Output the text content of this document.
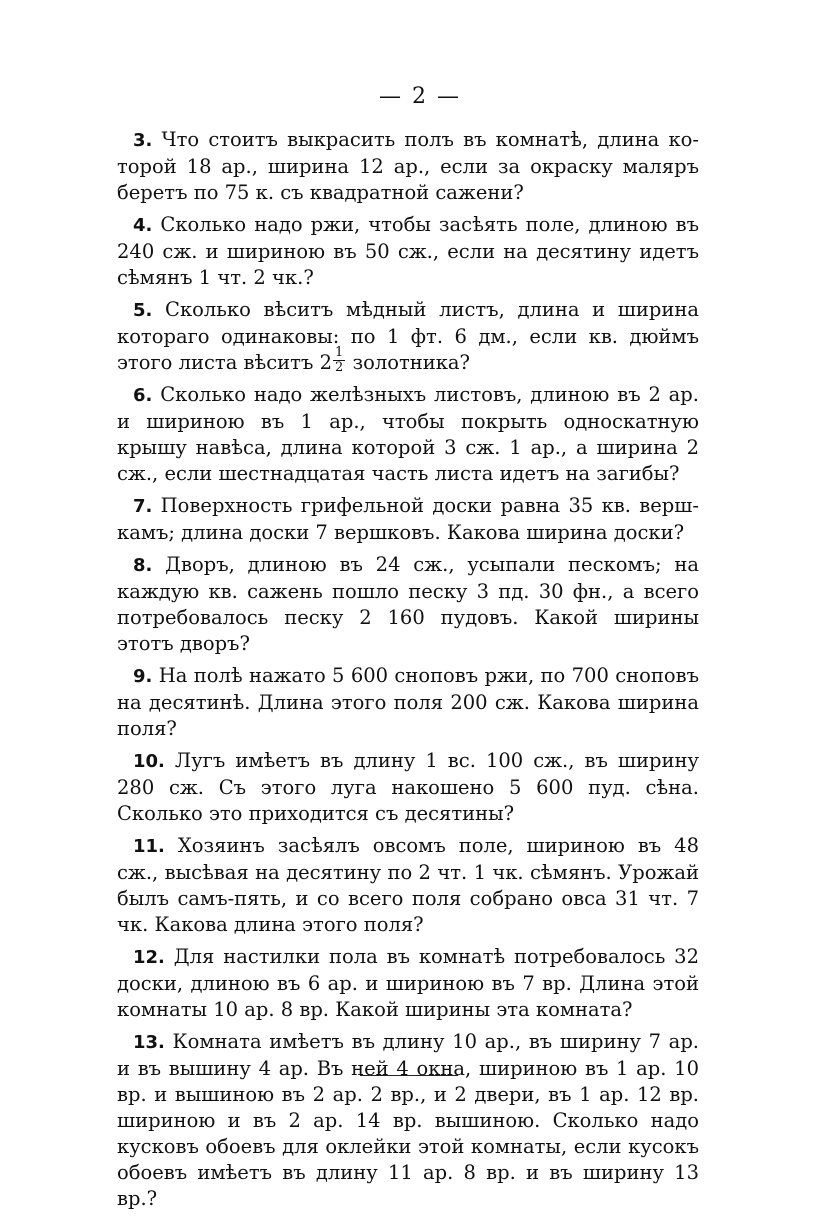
— 2 —

3. Что стоитъ выкрасить полъ въ комнатѣ, длина которой 18 ар., ширина 12 ар., если за окраску маляръ беретъ по 75 к. съ квадратной сажени?

4. Сколько надо ржи, чтобы засѣять поле, длиною въ 240 сж. и шириною въ 50 сж., если на десятину идетъ сѣмянъ 1 чт. 2 чк.?

5. Сколько вѣситъ мѣдный листъ, длина и ширина котораго одинаковы: по 1 фт. 6 дм., если кв. дюймъ этого листа вѣситъ $2 \frac{1}{2}$ золотника?

6. Сколько надо желѣзныхъ листовъ, длиною въ 2 ар. и шириною въ 1 ар., чтобы покрыть односкатную крышу навѣса, длина которой 3 сж. 1 ар., а ширина 2 сж., если шестнадцатая часть листа идетъ на загибы?

7. Поверхность грифельной доски равна 35 кв. вершкамъ; длина доски 7 вершковъ. Какова ширина доски?

8. Дворъ, длиною въ 24 сж., усыпали пескомъ; на каждую кв. сажень пошло песку 3 пд. 30 фн., а всего потребовалось песку 2 160 пудовъ. Какой ширины этотъ дворъ?

9. На полѣ нажато 5 600 сноповъ ржи, по 700 сноповъ на десятинѣ. Длина этого поля 200 сж. Какова ширина поля?

10. Лугъ имѣетъ въ длину 1 вс. 100 сж., въ ширину 280 сж. Съ этого луга накошено 5 600 пуд. сѣна. Сколько это приходится съ десятины?

11. Хозяинъ засѣялъ овсомъ поле, шириною въ 48 сж., высѣвая на десятину по 2 чт. 1 чк. сѣмянъ. Урожай былъ самъ-пять, и со всего поля собрано овса 31 чт. 7 чк. Какова длина этого поля?

12. Для настилки пола въ комнатѣ потребовалось 32 доски, длиною въ 6 ар. и шириною въ 7 вр. Длина этой комнаты 10 ар. 8 вр. Какой ширины эта комната?

13. Комната имѣетъ въ длину 10 ар., въ ширину 7 ар. и въ вышину 4 ар. Въ ней 4 окна, шириною въ 1 ар. 10 вр. и вышиною въ 2 ар. 2 вр., и 2 двери, въ 1 ар. 12 вр. шириною и въ 2 ар. 14 вр. вышиною. Сколько надо кусковъ обоевъ для оклейки этой комнаты, если кусокъ обоевъ имѣетъ въ длину 11 ар. 8 вр. и въ ширину 13 вр.?
